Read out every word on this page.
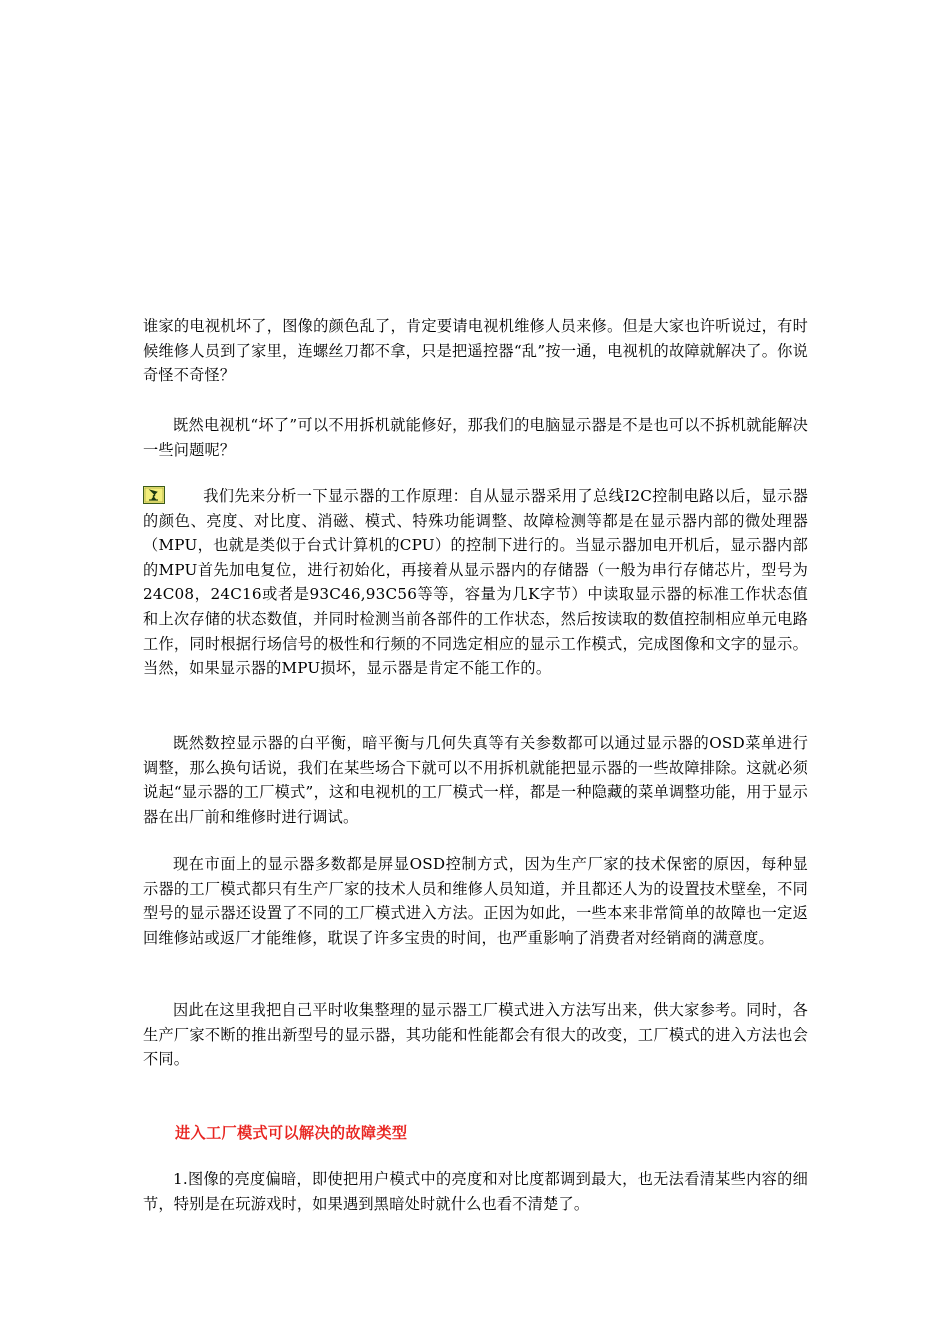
谁家的电视机坏了，图像的颜色乱了，肯定要请电视机维修人员来修。但是大家也许听说过，有时候维修人员到了家里，连螺丝刀都不拿，只是把遥控器“乱”按一通，电视机的故障就解决了。你说奇怪不奇怪？

既然电视机“坏了”可以不用拆机就能修好，那我们的电脑显示器是不是也可以不拆机就能解决一些问题呢？

我们先来分析一下显示器的工作原理：自从显示器采用了总线I2C控制电路以后，显示器的颜色、亮度、对比度、消磁、模式、特殊功能调整、故障检测等都是在显示器内部的微处理器（MPU，也就是类似于台式计算机的CPU）的控制下进行的。当显示器加电开机后，显示器内部的MPU首先加电复位，进行初始化，再接着从显示器内的存储器（一般为串行存储芯片，型号为24C08，24C16或者是93C46,93C56等等，容量为几K字节）中读取显示器的标准工作状态值和上次存储的状态数值，并同时检测当前各部件的工作状态，然后按读取的数值控制相应单元电路工作，同时根据行场信号的极性和行频的不同选定相应的显示工作模式，完成图像和文字的显示。当然，如果显示器的MPU损坏，显示器是肯定不能工作的。

既然数控显示器的白平衡，暗平衡与几何失真等有关参数都可以通过显示器的OSD菜单进行调整，那么换句话说，我们在某些场合下就可以不用拆机就能把显示器的一些故障排除。这就必须说起“显示器的工厂模式”，这和电视机的工厂模式一样，都是一种隐藏的菜单调整功能，用于显示器在出厂前和维修时进行调试。

现在市面上的显示器多数都是屏显OSD控制方式，因为生产厂家的技术保密的原因，每种显示器的工厂模式都只有生产厂家的技术人员和维修人员知道，并且都还人为的设置技术壁垒，不同型号的显示器还设置了不同的工厂模式进入方法。正因为如此，一些本来非常简单的故障也一定返回维修站或返厂才能维修，耽误了许多宝贵的时间，也严重影响了消费者对经销商的满意度。

因此在这里我把自己平时收集整理的显示器工厂模式进入方法写出来，供大家参考。同时，各生产厂家不断的推出新型号的显示器，其功能和性能都会有很大的改变，工厂模式的进入方法也会不同。

进入工厂模式可以解决的故障类型

1.图像的亮度偏暗，即使把用户模式中的亮度和对比度都调到最大，也无法看清某些内容的细节，特别是在玩游戏时，如果遇到黑暗处时就什么也看不清楚了。
